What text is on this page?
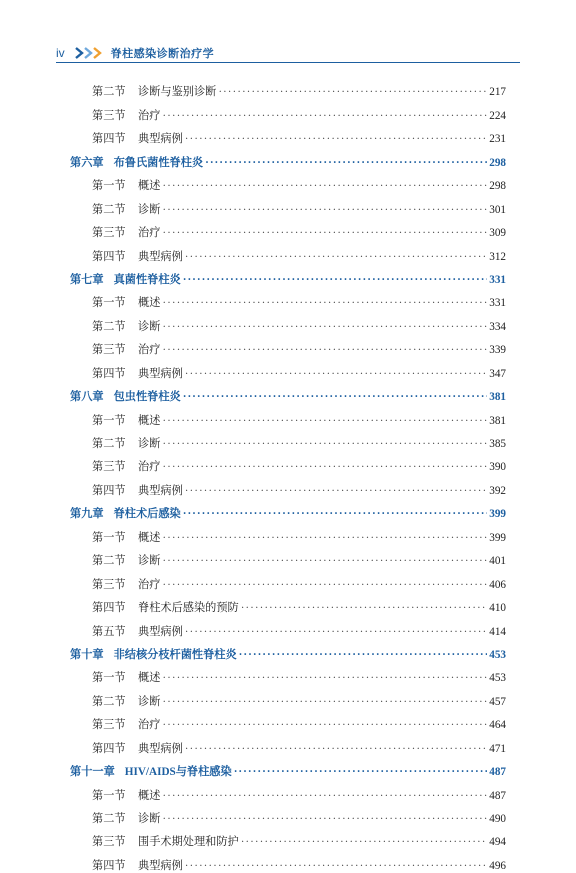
iv	脊柱感染诊断治疗学
第二节	诊断与鉴别诊断 ·····	217
第三节	治疗 ·····	224
第四节	典型病例 ·····	231
第六章 布鲁氏菌性脊柱炎 ·····	298
第一节	概述 ·····	298
第二节	诊断 ·····	301
第三节	治疗 ·····	309
第四节	典型病例 ·····	312
第七章 真菌性脊柱炎 ·····	331
第一节	概述 ·····	331
第二节	诊断 ·····	334
第三节	治疗 ·····	339
第四节	典型病例 ·····	347
第八章 包虫性脊柱炎 ·····	381
第一节	概述 ·····	381
第二节	诊断 ·····	385
第三节	治疗 ·····	390
第四节	典型病例 ·····	392
第九章 脊柱术后感染 ·····	399
第一节	概述 ·····	399
第二节	诊断 ·····	401
第三节	治疗 ·····	406
第四节	脊柱术后感染的预防 ·····	410
第五节	典型病例 ·····	414
第十章 非结核分枝杆菌性脊柱炎 ·····	453
第一节	概述 ·····	453
第二节	诊断 ·····	457
第三节	治疗 ·····	464
第四节	典型病例 ·····	471
第十一章 HIV/AIDS与脊柱感染 ·····	487
第一节	概述 ·····	487
第二节	诊断 ·····	490
第三节	围手术期处理和防护 ·····	494
第四节	典型病例 ·····	496
